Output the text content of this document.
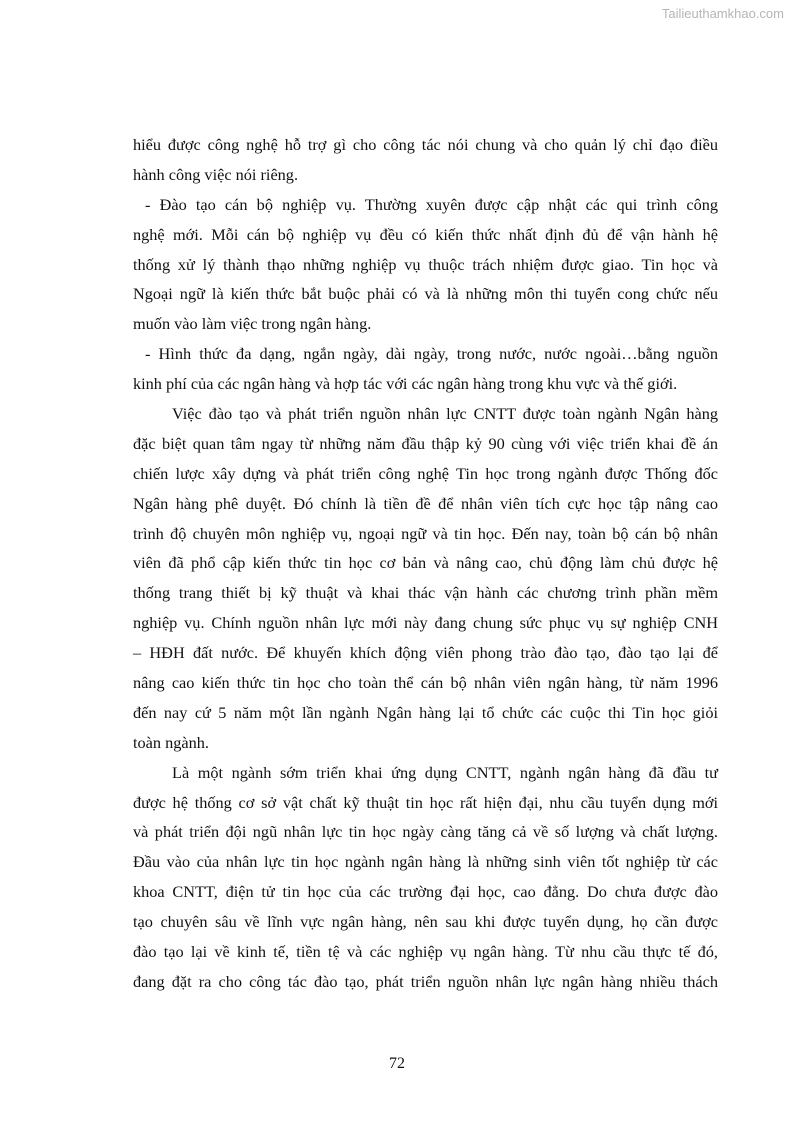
Tailieuthamkhao.com
hiểu được công nghệ hỗ trợ gì cho công tác nói chung và cho quản lý chỉ đạo điều
hành công việc nói riêng.
- Đào tạo cán bộ nghiệp vụ. Thường xuyên được cập nhật các qui trình công
nghệ mới. Mỗi cán bộ nghiệp vụ đều có kiến thức nhất định đủ để vận hành hệ
thống xử lý thành thạo những nghiệp vụ thuộc trách nhiệm được giao. Tin học và
Ngoại ngữ là kiến thức bắt buộc phải có và là những môn thi tuyển cong chức nếu
muốn vào làm việc trong ngân hàng.
- Hình thức đa dạng, ngắn ngày, dài ngày, trong nước, nước ngoài…bằng nguồn
kinh phí của các ngân hàng và hợp tác với các ngân hàng trong khu vực và thế giới.
Việc đào tạo và phát triển nguồn nhân lực CNTT được toàn ngành Ngân hàng
đặc biệt quan tâm ngay từ những năm đầu thập kỷ 90 cùng với việc triển khai đề án
chiến lược xây dựng và phát triển công nghệ Tin học trong ngành được Thống đốc
Ngân hàng phê duyệt. Đó chính là tiền đề để nhân viên tích cực học tập nâng cao
trình độ chuyên môn nghiệp vụ, ngoại ngữ và tin học. Đến nay, toàn bộ cán bộ nhân
viên đã phổ cập kiến thức tin học cơ bản và nâng cao, chủ động làm chủ được hệ
thống trang thiết bị kỹ thuật và khai thác vận hành các chương trình phần mềm
nghiệp vụ. Chính nguồn nhân lực mới này đang chung sức phục vụ sự nghiệp CNH
– HĐH đất nước. Để khuyến khích động viên phong trào đào tạo, đào tạo lại để
nâng cao kiến thức tin học cho toàn thể cán bộ nhân viên ngân hàng, từ năm 1996
đến nay cứ 5 năm một lần ngành Ngân hàng lại tổ chức các cuộc thi Tin học giỏi
toàn ngành.
Là một ngành sớm triển khai ứng dụng CNTT, ngành ngân hàng đã đầu tư
được hệ thống cơ sở vật chất kỹ thuật tin học rất hiện đại, nhu cầu tuyển dụng mới
và phát triển đội ngũ nhân lực tin học ngày càng tăng cả về số lượng và chất lượng.
Đầu vào của nhân lực tin học ngành ngân hàng là những sinh viên tốt nghiệp từ các
khoa CNTT, điện tử tin học của các trường đại học, cao đẳng. Do chưa được đào
tạo chuyên sâu về lĩnh vực ngân hàng, nên sau khi được tuyển dụng, họ cần được
đào tạo lại về kinh tế, tiền tệ và các nghiệp vụ ngân hàng. Từ nhu cầu thực tế đó,
đang đặt ra cho công tác đào tạo, phát triển nguồn nhân lực ngân hàng nhiều thách
72
